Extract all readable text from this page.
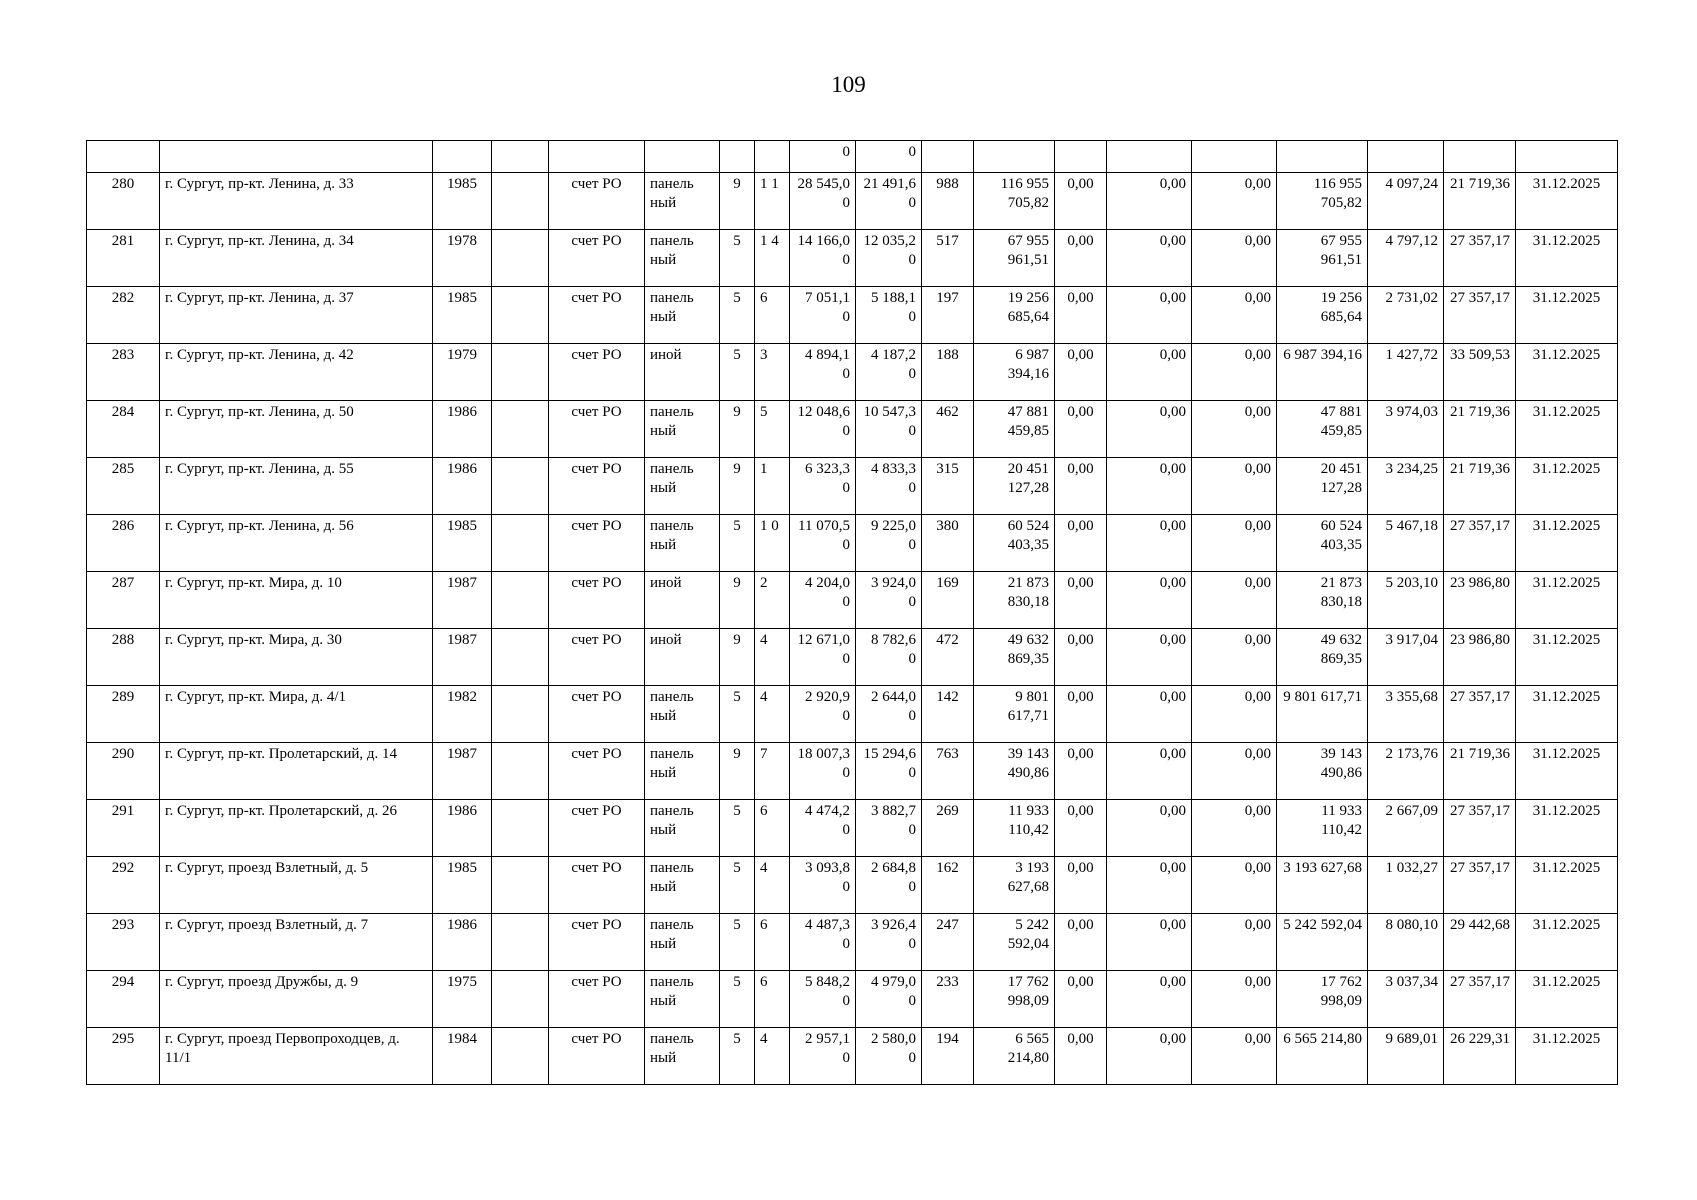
109
								0	0									
280	г. Сургут, пр-кт. Ленина, д. 33	1985		счет РО	панель ный	9	1 1	28 545,0 0	21 491,6 0	988	116 955 705,82	0,00	0,00	0,00	116 955 705,82	4 097,24	21 719,36	31.12.2025
281	г. Сургут, пр-кт. Ленина, д. 34	1978		счет РО	панель ный	5	1 4	14 166,0 0	12 035,2 0	517	67 955 961,51	0,00	0,00	0,00	67 955 961,51	4 797,12	27 357,17	31.12.2025
282	г. Сургут, пр-кт. Ленина, д. 37	1985		счет РО	панель ный	5	6	7 051,1 0	5 188,1 0	197	19 256 685,64	0,00	0,00	0,00	19 256 685,64	2 731,02	27 357,17	31.12.2025
283	г. Сургут, пр-кт. Ленина, д. 42	1979		счет РО	иной	5	3	4 894,1 0	4 187,2 0	188	6 987 394,16	0,00	0,00	0,00	6 987 394,16	1 427,72	33 509,53	31.12.2025
284	г. Сургут, пр-кт. Ленина, д. 50	1986		счет РО	панель ный	9	5	12 048,6 0	10 547,3 0	462	47 881 459,85	0,00	0,00	0,00	47 881 459,85	3 974,03	21 719,36	31.12.2025
285	г. Сургут, пр-кт. Ленина, д. 55	1986		счет РО	панель ный	9	1	6 323,3 0	4 833,3 0	315	20 451 127,28	0,00	0,00	0,00	20 451 127,28	3 234,25	21 719,36	31.12.2025
286	г. Сургут, пр-кт. Ленина, д. 56	1985		счет РО	панель ный	5	1 0	11 070,5 0	9 225,0 0	380	60 524 403,35	0,00	0,00	0,00	60 524 403,35	5 467,18	27 357,17	31.12.2025
287	г. Сургут, пр-кт. Мира, д. 10	1987		счет РО	иной	9	2	4 204,0 0	3 924,0 0	169	21 873 830,18	0,00	0,00	0,00	21 873 830,18	5 203,10	23 986,80	31.12.2025
288	г. Сургут, пр-кт. Мира, д. 30	1987		счет РО	иной	9	4	12 671,0 0	8 782,6 0	472	49 632 869,35	0,00	0,00	0,00	49 632 869,35	3 917,04	23 986,80	31.12.2025
289	г. Сургут, пр-кт. Мира, д. 4/1	1982		счет РО	панель ный	5	4	2 920,9 0	2 644,0 0	142	9 801 617,71	0,00	0,00	0,00	9 801 617,71	3 355,68	27 357,17	31.12.2025
290	г. Сургут, пр-кт. Пролетарский, д. 14	1987		счет РО	панель ный	9	7	18 007,3 0	15 294,6 0	763	39 143 490,86	0,00	0,00	0,00	39 143 490,86	2 173,76	21 719,36	31.12.2025
291	г. Сургут, пр-кт. Пролетарский, д. 26	1986		счет РО	панель ный	5	6	4 474,2 0	3 882,7 0	269	11 933 110,42	0,00	0,00	0,00	11 933 110,42	2 667,09	27 357,17	31.12.2025
292	г. Сургут, проезд Взлетный, д. 5	1985		счет РО	панель ный	5	4	3 093,8 0	2 684,8 0	162	3 193 627,68	0,00	0,00	0,00	3 193 627,68	1 032,27	27 357,17	31.12.2025
293	г. Сургут, проезд Взлетный, д. 7	1986		счет РО	панель ный	5	6	4 487,3 0	3 926,4 0	247	5 242 592,04	0,00	0,00	0,00	5 242 592,04	8 080,10	29 442,68	31.12.2025
294	г. Сургут, проезд Дружбы, д. 9	1975		счет РО	панель ный	5	6	5 848,2 0	4 979,0 0	233	17 762 998,09	0,00	0,00	0,00	17 762 998,09	3 037,34	27 357,17	31.12.2025
295	г. Сургут, проезд Первопроходцев, д. 11/1	1984		счет РО	панель ный	5	4	2 957,1 0	2 580,0 0	194	6 565 214,80	0,00	0,00	0,00	6 565 214,80	9 689,01	26 229,31	31.12.2025
